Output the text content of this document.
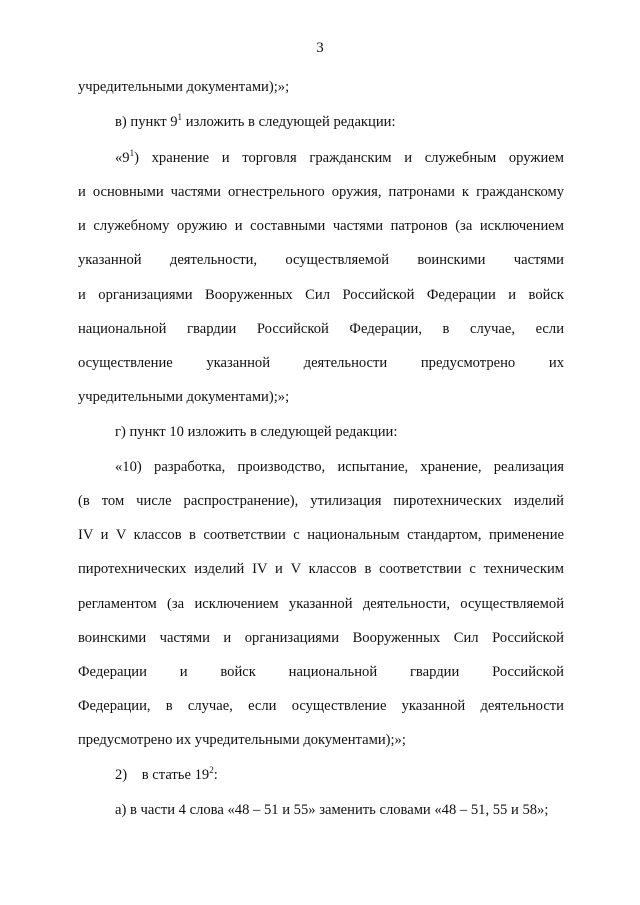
3
учредительными документами);»;
в) пункт $9^1$ изложить в следующей редакции:
«$9^1$) хранение и торговля гражданским и служебным оружием
и основными частями огнестрельного оружия, патронами к гражданскому
и служебному оружию и составными частями патронов (за исключением
указанной деятельности, осуществляемой воинскими частями
и организациями Вооруженных Сил Российской Федерации и войск
национальной гвардии Российской Федерации, в случае, если
осуществление указанной деятельности предусмотрено их
учредительными документами);»;
г) пункт 10 изложить в следующей редакции:
«10) разработка, производство, испытание, хранение, реализация
(в том числе распространение), утилизация пиротехнических изделий
IV и V классов в соответствии с национальным стандартом, применение
пиротехнических изделий IV и V классов в соответствии с техническим
регламентом (за исключением указанной деятельности, осуществляемой
воинскими частями и организациями Вооруженных Сил Российской
Федерации и войск национальной гвардии Российской
Федерации, в случае, если осуществление указанной деятельности
предусмотрено их учредительными документами);»;
2)    в статье $19^2$:
а) в части 4 слова «48 – 51 и 55» заменить словами «48 – 51, 55 и 58»;
